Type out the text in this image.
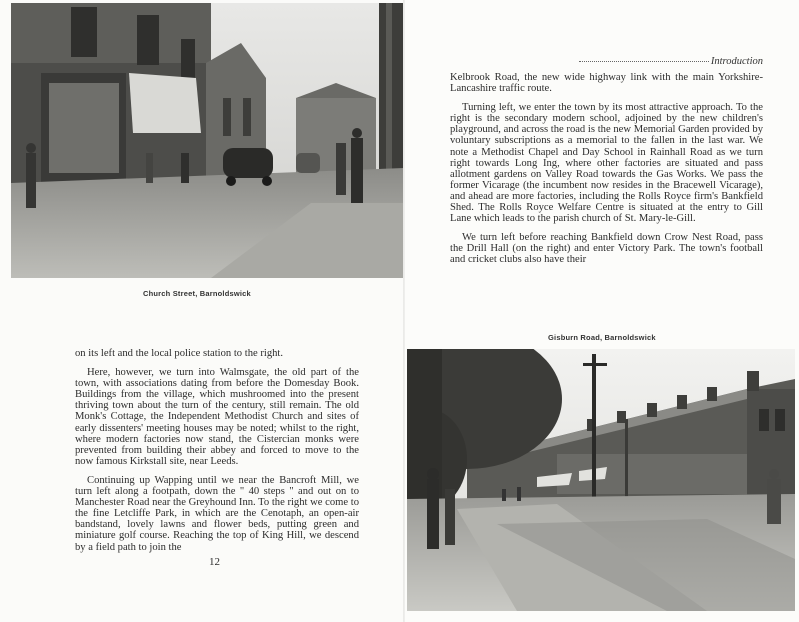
Church Street, Barnoldswick

on its left and the local police station to the right.

Here, however, we turn into Walmsgate, the old part of the town, with associations dating from before the Domesday Book. Buildings from the village, which mushroomed into the present thriving town about the turn of the century, still remain. The old Monk's Cottage, the Independent Methodist Church and sites of early dissenters' meeting houses may be noted; whilst to the right, where modern factories now stand, the Cistercian monks were prevented from building their abbey and forced to move to the now famous Kirkstall site, near Leeds.

Continuing up Wapping until we near the Bancroft Mill, we turn left along a footpath, down the " 40 steps " and out on to Manchester Road near the Greyhound Inn. To the right we come to the fine Letcliffe Park, in which are the Cenotaph, an open-air bandstand, lovely lawns and flower beds, putting green and miniature golf course. Reaching the top of King Hill, we descend by a field path to join the

12
Introduction

Kelbrook Road, the new wide highway link with the main Yorkshire-Lancashire traffic route.

Turning left, we enter the town by its most attractive approach. To the right is the secondary modern school, adjoined by the new children's playground, and across the road is the new Memorial Garden provided by voluntary subscriptions as a memorial to the fallen in the last war. We note a Methodist Chapel and Day School in Rainhall Road as we turn right towards Long Ing, where other factories are situated and pass allotment gardens on Valley Road towards the Gas Works. We pass the former Vicarage (the incumbent now resides in the Bracewell Vicarage), and ahead are more factories, including the Rolls Royce firm's Bankfield Shed. The Rolls Royce Welfare Centre is situated at the entry to Gill Lane which leads to the parish church of St. Mary-le-Gill.

We turn left before reaching Bankfield down Crow Nest Road, pass the Drill Hall (on the right) and enter Victory Park. The town's football and cricket clubs also have their

Gisburn Road, Barnoldswick
